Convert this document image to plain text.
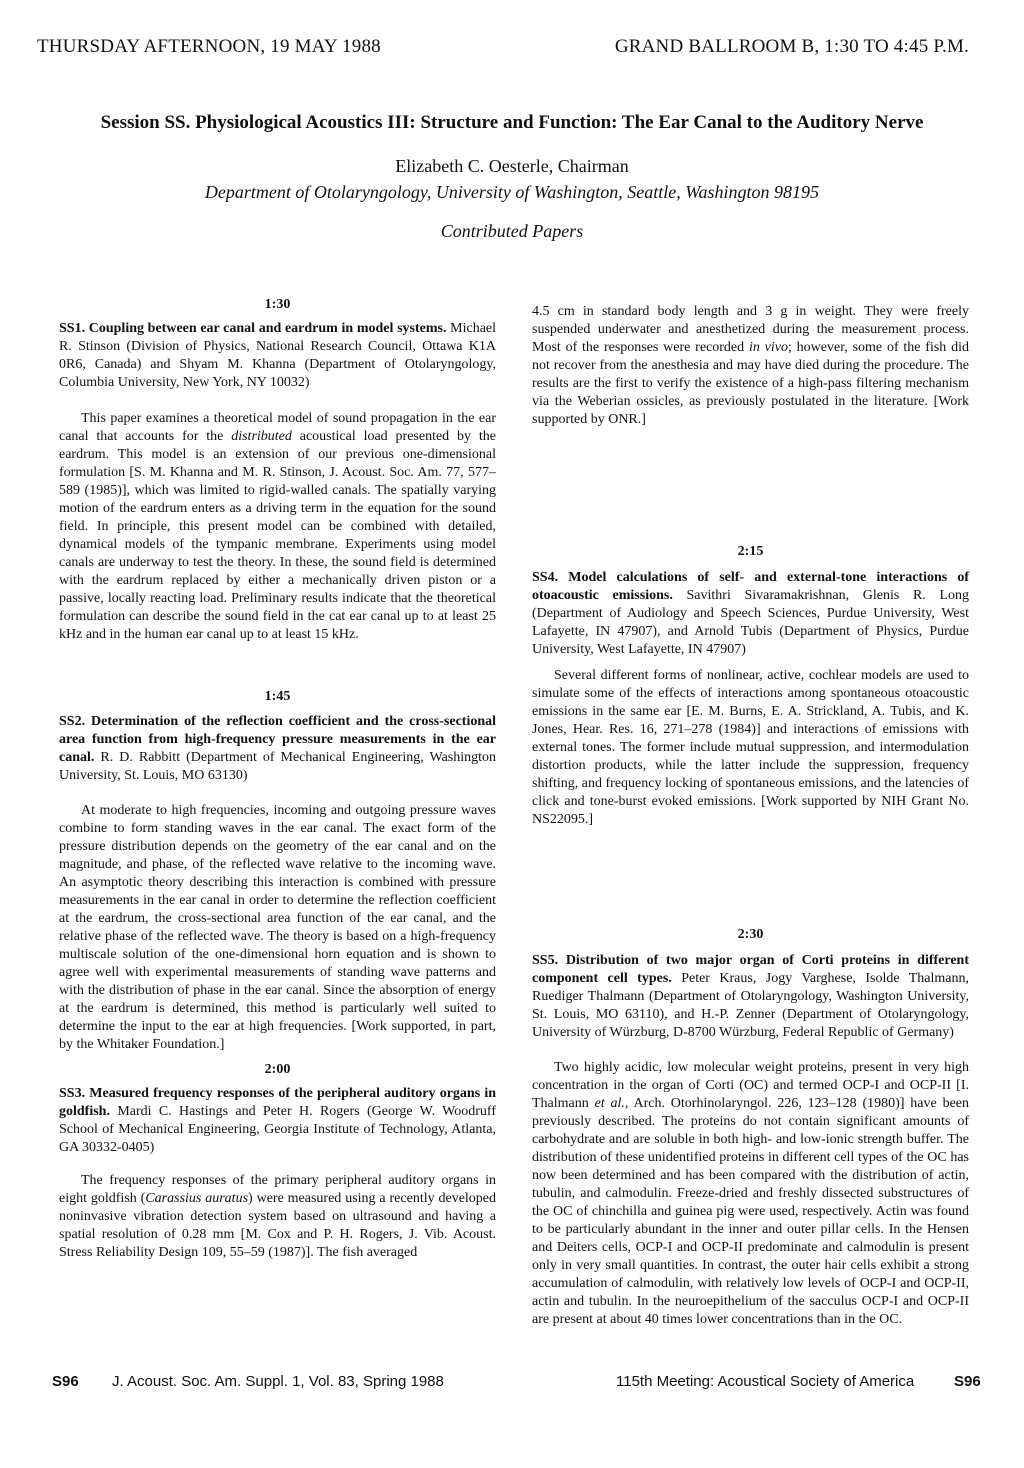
THURSDAY AFTERNOON, 19 MAY 1988	GRAND BALLROOM B, 1:30 TO 4:45 P.M.
Session SS. Physiological Acoustics III: Structure and Function: The Ear Canal to the Auditory Nerve
Elizabeth C. Oesterle, Chairman
Department of Otolaryngology, University of Washington, Seattle, Washington 98195
Contributed Papers
1:30

SS1. Coupling between ear canal and eardrum in model systems. Michael R. Stinson (Division of Physics, National Research Council, Ottawa K1A 0R6, Canada) and Shyam M. Khanna (Department of Otolaryngology, Columbia University, New York, NY 10032)

This paper examines a theoretical model of sound propagation in the ear canal that accounts for the distributed acoustical load presented by the eardrum. This model is an extension of our previous one-dimensional formulation [S. M. Khanna and M. R. Stinson, J. Acoust. Soc. Am. 77, 577–589 (1985)], which was limited to rigid-walled canals. The spatially varying motion of the eardrum enters as a driving term in the equation for the sound field. In principle, this present model can be combined with detailed, dynamical models of the tympanic membrane. Experiments using model canals are underway to test the theory. In these, the sound field is determined with the eardrum replaced by either a mechanically driven piston or a passive, locally reacting load. Preliminary results indicate that the theoretical formulation can describe the sound field in the cat ear canal up to at least 25 kHz and in the human ear canal up to at least 15 kHz.

1:45

SS2. Determination of the reflection coefficient and the cross-sectional area function from high-frequency pressure measurements in the ear canal. R. D. Rabbitt (Department of Mechanical Engineering, Washington University, St. Louis, MO 63130)

At moderate to high frequencies, incoming and outgoing pressure waves combine to form standing waves in the ear canal. The exact form of the pressure distribution depends on the geometry of the ear canal and on the magnitude, and phase, of the reflected wave relative to the incoming wave. An asymptotic theory describing this interaction is combined with pressure measurements in the ear canal in order to determine the reflection coefficient at the eardrum, the cross-sectional area function of the ear canal, and the relative phase of the reflected wave. The theory is based on a high-frequency multiscale solution of the one-dimensional horn equation and is shown to agree well with experimental measurements of standing wave patterns and with the distribution of phase in the ear canal. Since the absorption of energy at the eardrum is determined, this method is particularly well suited to determine the input to the ear at high frequencies. [Work supported, in part, by the Whitaker Foundation.]

2:00

SS3. Measured frequency responses of the peripheral auditory organs in goldfish. Mardi C. Hastings and Peter H. Rogers (George W. Woodruff School of Mechanical Engineering, Georgia Institute of Technology, Atlanta, GA 30332-0405)

The frequency responses of the primary peripheral auditory organs in eight goldfish (Carassius auratus) were measured using a recently developed noninvasive vibration detection system based on ultrasound and having a spatial resolution of 0.28 mm [M. Cox and P. H. Rogers, J. Vib. Acoust. Stress Reliability Design 109, 55–59 (1987)]. The fish averaged

4.5 cm in standard body length and 3 g in weight. They were freely suspended underwater and anesthetized during the measurement process. Most of the responses were recorded in vivo; however, some of the fish did not recover from the anesthesia and may have died during the procedure. The results are the first to verify the existence of a high-pass filtering mechanism via the Weberian ossicles, as previously postulated in the literature. [Work supported by ONR.]

2:15

SS4. Model calculations of self- and external-tone interactions of otoacoustic emissions. Savithri Sivaramakrishnan, Glenis R. Long (Department of Audiology and Speech Sciences, Purdue University, West Lafayette, IN 47907), and Arnold Tubis (Department of Physics, Purdue University, West Lafayette, IN 47907)

Several different forms of nonlinear, active, cochlear models are used to simulate some of the effects of interactions among spontaneous otoacoustic emissions in the same ear [E. M. Burns, E. A. Strickland, A. Tubis, and K. Jones, Hear. Res. 16, 271–278 (1984)] and interactions of emissions with external tones. The former include mutual suppression, and intermodulation distortion products, while the latter include the suppression, frequency shifting, and frequency locking of spontaneous emissions, and the latencies of click and tone-burst evoked emissions. [Work supported by NIH Grant No. NS22095.]

2:30

SS5. Distribution of two major organ of Corti proteins in different component cell types. Peter Kraus, Jogy Varghese, Isolde Thalmann, Ruediger Thalmann (Department of Otolaryngology, Washington University, St. Louis, MO 63110), and H.-P. Zenner (Department of Otolaryngology, University of Würzburg, D-8700 Würzburg, Federal Republic of Germany)

Two highly acidic, low molecular weight proteins, present in very high concentration in the organ of Corti (OC) and termed OCP-I and OCP-II [I. Thalmann et al., Arch. Otorhinolaryngol. 226, 123–128 (1980)] have been previously described. The proteins do not contain significant amounts of carbohydrate and are soluble in both high- and low-ionic strength buffer. The distribution of these unidentified proteins in different cell types of the OC has now been determined and has been compared with the distribution of actin, tubulin, and calmodulin. Freeze-dried and freshly dissected substructures of the OC of chinchilla and guinea pig were used, respectively. Actin was found to be particularly abundant in the inner and outer pillar cells. In the Hensen and Deiters cells, OCP-I and OCP-II predominate and calmodulin is present only in very small quantities. In contrast, the outer hair cells exhibit a strong accumulation of calmodulin, with relatively low levels of OCP-I and OCP-II, actin and tubulin. In the neuroepithelium of the sacculus OCP-I and OCP-II are present at about 40 times lower concentrations than in the OC.

S96 J. Acoust. Soc. Am. Suppl. 1, Vol. 83, Spring 1988	115th Meeting: Acoustical Society of America	S96
